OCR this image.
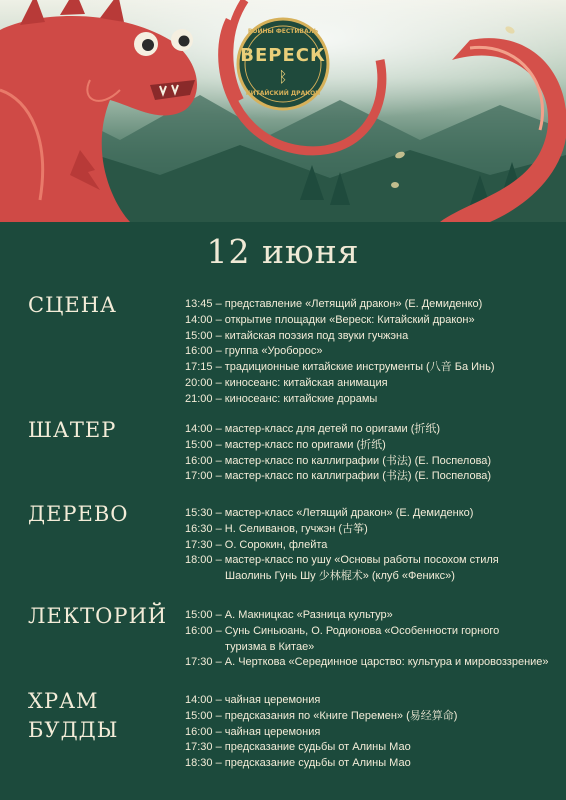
ВОЙНЫ ФЕСТИВАЛЬ
ВЕРЕСК
ᛒ
КИТАЙСКИЙ ДРАКОН
12 июня
СЦЕНА	13:45 – представление «Летящий дракон» (Е. Демиденко)
14:00 – открытие площадки «Вереск: Китайский дракон»
15:00 – китайская поэзия под звуки гучжэна
16:00 – группа «Уроборос»
17:15 – традиционные китайские инструменты (八音 Ба Инь)
20:00 – киносеанс: китайская анимация
21:00 – киносеанс: китайские дорамы
ШАТЕР	14:00 – мастер-класс для детей по оригами (折纸)
15:00 – мастер-класс по оригами (折纸)
16:00 – мастер-класс по каллиграфии (书法) (Е. Поспелова)
17:00 – мастер-класс по каллиграфии (书法) (Е. Поспелова)
ДЕРЕВО	15:30 – мастер-класс «Летящий дракон» (Е. Демиденко)
16:30 – Н. Селиванов, гучжэн (古筝)
17:30 – О. Сорокин, флейта
18:00 – мастер-класс по ушу «Основы работы посохом стиля
Шаолинь Гунь Шу 少林棍术» (клуб «Феникс»)
ЛЕКТОРИЙ 15:00 – А. Макницкас «Разница культур»
16:00 – Сунь Синьюань, О. Родионова «Особенности горного
туризма в Китае»
17:30 – А. Черткова «Серединное царство: культура и мировоззрение»
ХРАМ
БУДДЫ
14:00 – чайная церемония
15:00 – предсказания по «Книге Перемен» (易经算命)
16:00 – чайная церемония
17:30 – предсказание судьбы от Алины Мао
18:30 – предсказание судьбы от Алины Мао
